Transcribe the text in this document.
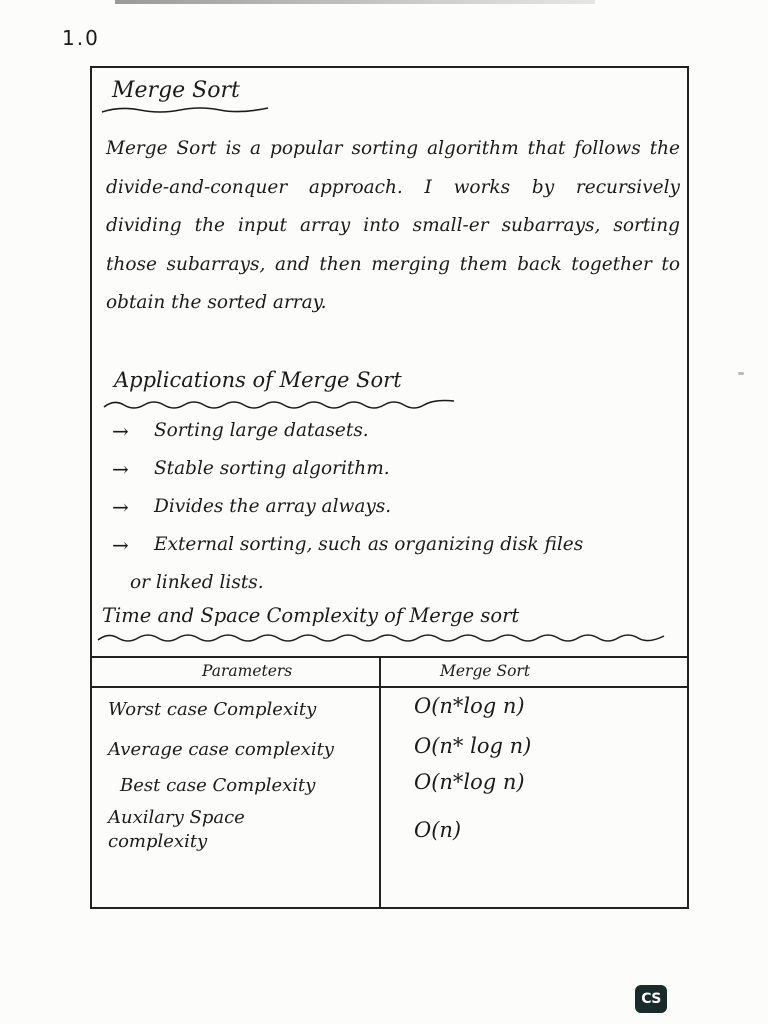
1.0
Merge Sort

Merge Sort is a popular sorting algorithm that follows the divide-and-conquer approach. I works by recursively dividing the input array into small-er subarrays, sorting those subarrays, and then merging them back together to obtain the sorted array.

Applications of Merge Sort
→ Sorting large datasets.
→ Stable sorting algorithm.
→ Divides the array always.
→ External sorting, such as organizing disk files
or linked lists.
Time and Space Complexity of Merge sort
Parameters	Merge Sort
Worst case Complexity	O(n*log n)
Average case complexity	O(n* log n)
Best case Complexity	O(n*log n)
Auxilary Space complexity	O(n)
CS
